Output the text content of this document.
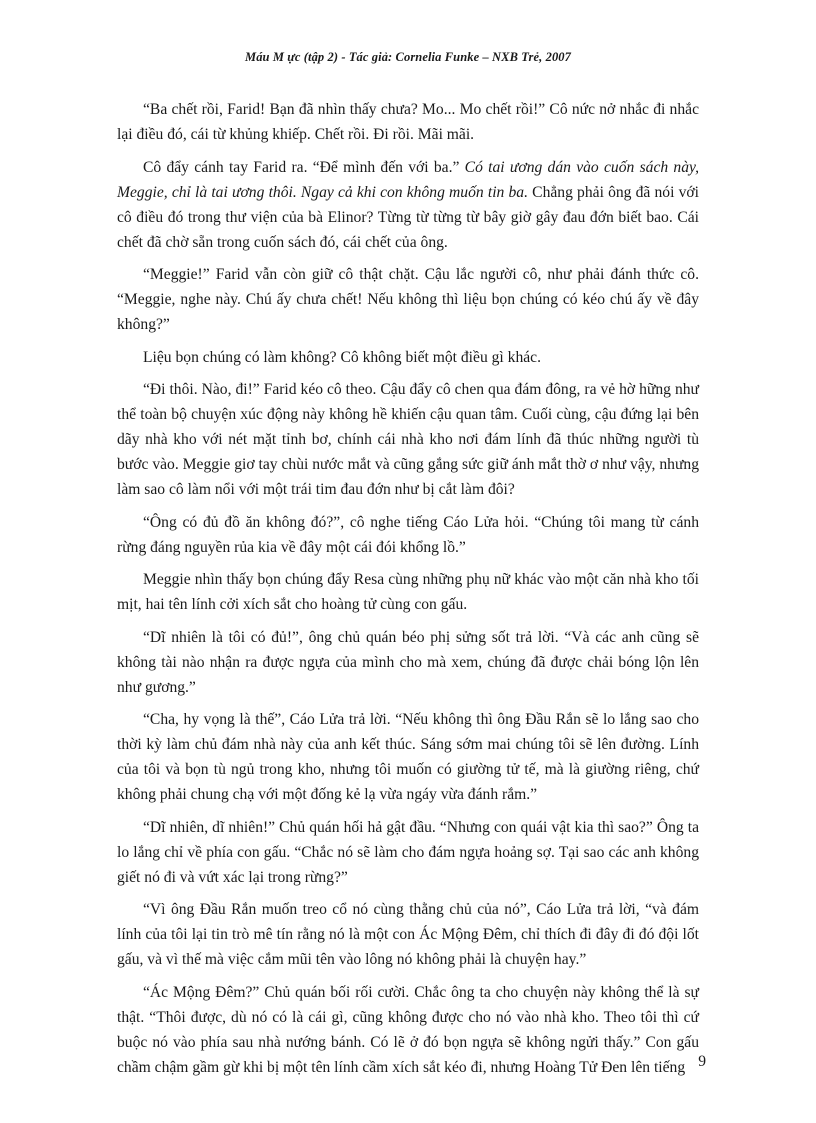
Máu M ực (tập 2) - Tác giả: Cornelia Funke – NXB Trẻ, 2007

“Ba chết rồi, Farid! Bạn đã nhìn thấy chưa? Mo... Mo chết rồi!” Cô nức nở nhắc đi nhắc lại điều đó, cái từ khủng khiếp. Chết rồi. Đi rồi. Mãi mãi.

Cô đẩy cánh tay Farid ra. “Để mình đến với ba.” Có tai ương dán vào cuốn sách này, Meggie, chỉ là tai ương thôi. Ngay cả khi con không muốn tin ba. Chẳng phải ông đã nói với cô điều đó trong thư viện của bà Elinor? Từng từ từng từ bây giờ gây đau đớn biết bao. Cái chết đã chờ sẵn trong cuốn sách đó, cái chết của ông.

“Meggie!” Farid vẫn còn giữ cô thật chặt. Cậu lắc người cô, như phải đánh thức cô. “Meggie, nghe này. Chú ấy chưa chết! Nếu không thì liệu bọn chúng có kéo chú ấy về đây không?”

Liệu bọn chúng có làm không? Cô không biết một điều gì khác.

“Đi thôi. Nào, đi!” Farid kéo cô theo. Cậu đẩy cô chen qua đám đông, ra vẻ hờ hững như thể toàn bộ chuyện xúc động này không hề khiến cậu quan tâm. Cuối cùng, cậu đứng lại bên dãy nhà kho với nét mặt tỉnh bơ, chính cái nhà kho nơi đám lính đã thúc những người tù bước vào. Meggie giơ tay chùi nước mắt và cũng gắng sức giữ ánh mắt thờ ơ như vậy, nhưng làm sao cô làm nổi với một trái tim đau đớn như bị cắt làm đôi?

“Ông có đủ đồ ăn không đó?”, cô nghe tiếng Cáo Lửa hỏi. “Chúng tôi mang từ cánh rừng đáng nguyền rủa kia về đây một cái đói khổng lồ.”

Meggie nhìn thấy bọn chúng đẩy Resa cùng những phụ nữ khác vào một căn nhà kho tối mịt, hai tên lính cởi xích sắt cho hoàng tử cùng con gấu.

“Dĩ nhiên là tôi có đủ!”, ông chủ quán béo phị sửng sốt trả lời. “Và các anh cũng sẽ không tài nào nhận ra được ngựa của mình cho mà xem, chúng đã được chải bóng lộn lên như gương.”

“Cha, hy vọng là thế”, Cáo Lửa trả lời. “Nếu không thì ông Đầu Rắn sẽ lo lắng sao cho thời kỳ làm chủ đám nhà này của anh kết thúc. Sáng sớm mai chúng tôi sẽ lên đường. Lính của tôi và bọn tù ngủ trong kho, nhưng tôi muốn có giường tử tế, mà là giường riêng, chứ không phải chung chạ với một đống kẻ lạ vừa ngáy vừa đánh rắm.”

“Dĩ nhiên, dĩ nhiên!” Chủ quán hối hả gật đầu. “Nhưng con quái vật kia thì sao?” Ông ta lo lắng chỉ về phía con gấu. “Chắc nó sẽ làm cho đám ngựa hoảng sợ. Tại sao các anh không giết nó đi và vứt xác lại trong rừng?”

“Vì ông Đầu Rắn muốn treo cổ nó cùng thằng chủ của nó”, Cáo Lửa trả lời, “và đám lính của tôi lại tin trò mê tín rằng nó là một con Ác Mộng Đêm, chỉ thích đi đây đi đó đội lốt gấu, và vì thế mà việc cắm mũi tên vào lông nó không phải là chuyện hay.”

“Ác Mộng Đêm?” Chủ quán bối rối cười. Chắc ông ta cho chuyện này không thể là sự thật. “Thôi được, dù nó có là cái gì, cũng không được cho nó vào nhà kho. Theo tôi thì cứ buộc nó vào phía sau nhà nướng bánh. Có lẽ ở đó bọn ngựa sẽ không ngửi thấy.” Con gấu chầm chậm gầm gừ khi bị một tên lính cầm xích sắt kéo đi, nhưng Hoàng Tử Đen lên tiếng 9
